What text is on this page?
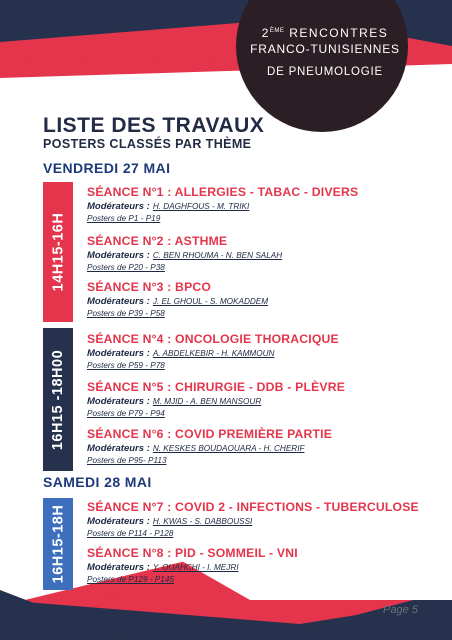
2ÈME RENCONTRES
FRANCO-TUNISIENNES
DE PNEUMOLOGIE
LISTE DES TRAVAUX
POSTERS CLASSÉS PAR THÈME
VENDREDI 27 MAI
14H15-16H
SÉANCE N°1 : ALLERGIES - TABAC - DIVERS
Modérateurs : H. DAGHFOUS - M. TRIKI
Posters de P1 - P19
SÉANCE N°2 : ASTHME
Modérateurs : C. BEN RHOUMA - N. BEN SALAH
Posters de P20 - P38
SÉANCE N°3 : BPCO
Modérateurs : J. EL GHOUL - S. MOKADDEM
Posters de P39 - P58
16H15 -18H00
SÉANCE N°4 : ONCOLOGIE THORACIQUE
Modérateurs : A. ABDELKEBIR - H. KAMMOUN
Posters de P59 - P78
SÉANCE N°5 : CHIRURGIE - DDB - PLÈVRE
Modérateurs : M. MJID - A. BEN MANSOUR
Posters de P79 - P94
SÉANCE N°6 : COVID PREMIÈRE PARTIE
Modérateurs : N. KESKES BOUDAOUARA - H. CHERIF
Posters de P95- P113
SAMEDI 28 MAI
16H15-18H SÉANCE N°7 : COVID 2 - INFECTIONS - TUBERCULOSE
Modérateurs : H. KWAS - S. DABBOUSSI
Posters de P114 - P128
SÉANCE N°8 : PID - SOMMEIL - VNI
Modérateurs : Y. OUAHCHI - I. MEJRI
Posters de P129 - P145
Page 5
